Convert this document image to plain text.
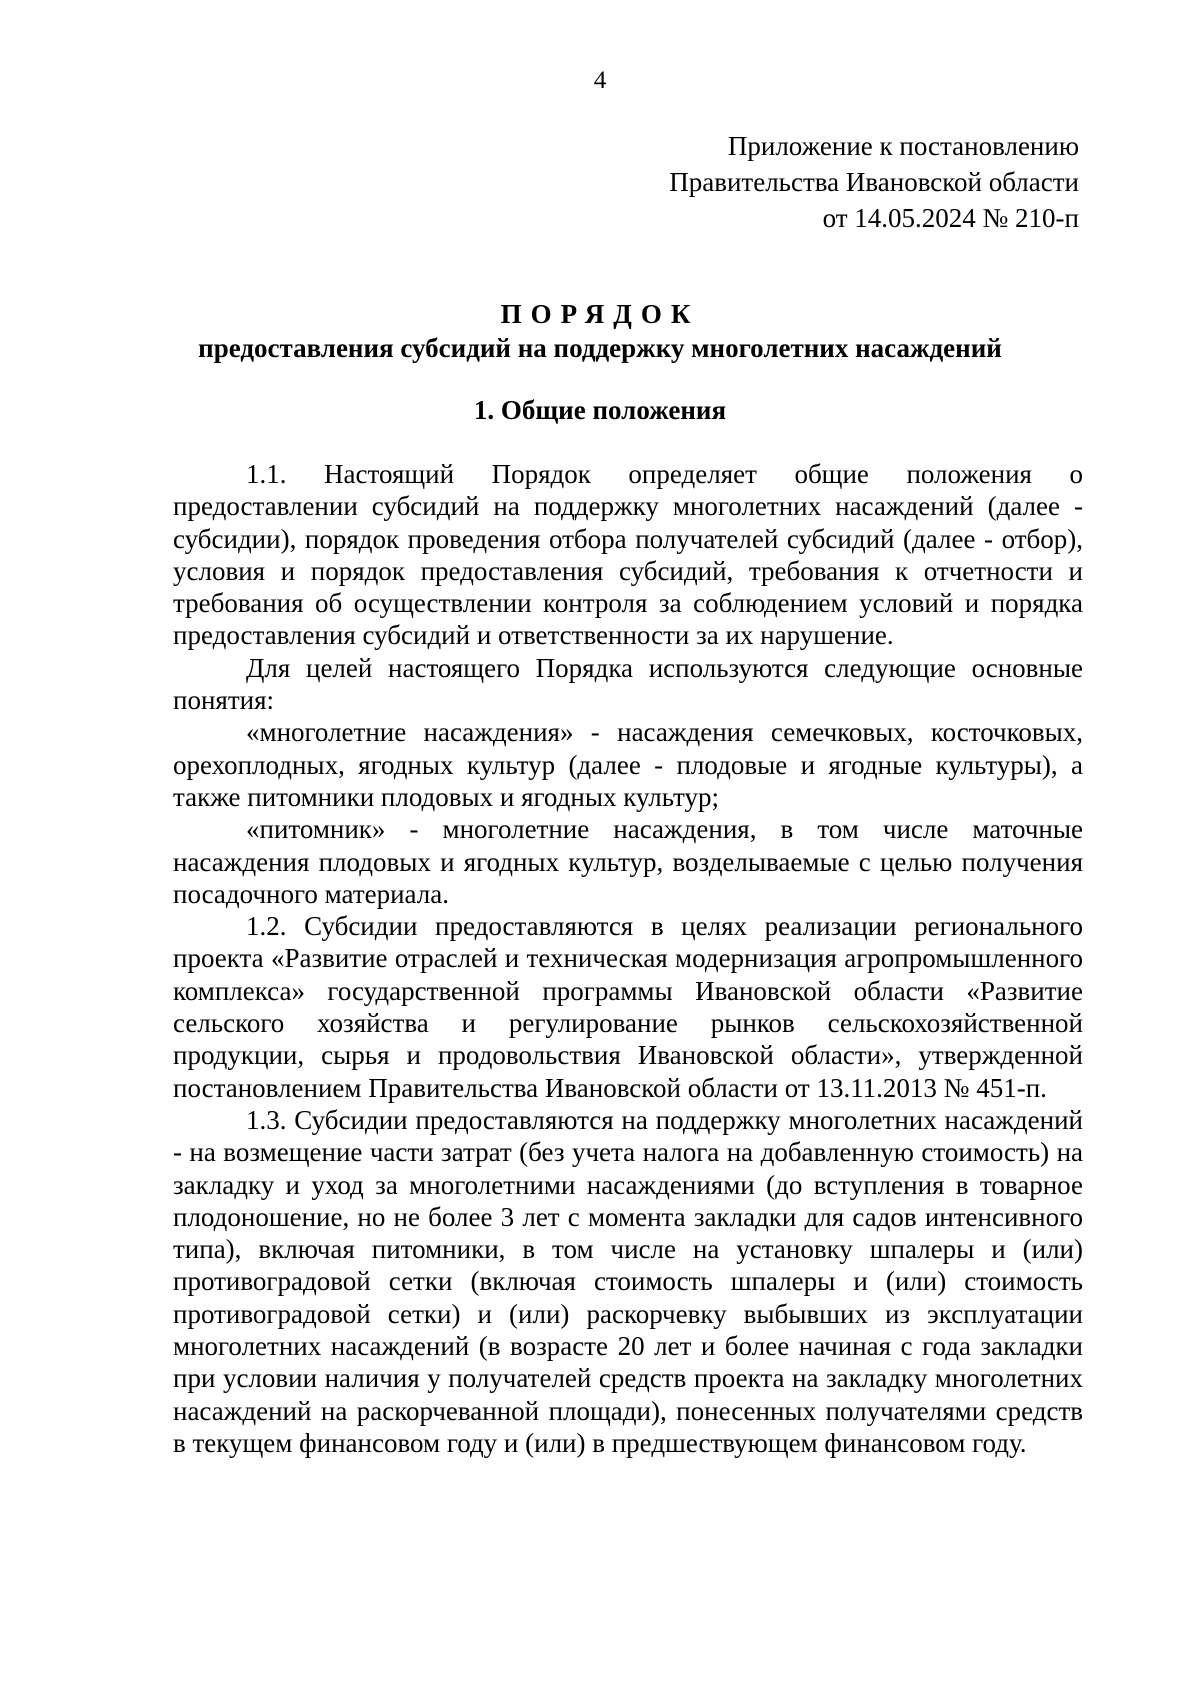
4
Приложение к постановлению
Правительства Ивановской области
от 14.05.2024 № 210-п
ПОРЯДОК
предоставления субсидий на поддержку многолетних насаждений
1. Общие положения

1.1. Настоящий Порядок определяет общие положения о предоставлении субсидий на поддержку многолетних насаждений (далее - субсидии), порядок проведения отбора получателей субсидий (далее - отбор), условия и порядок предоставления субсидий, требования к отчетности и требования об осуществлении контроля за соблюдением условий и порядка предоставления субсидий и ответственности за их нарушение.

Для целей настоящего Порядка используются следующие основные понятия:

«многолетние насаждения» - насаждения семечковых, косточковых, орехоплодных, ягодных культур (далее - плодовые и ягодные культуры), а также питомники плодовых и ягодных культур;

«питомник» - многолетние насаждения, в том числе маточные насаждения плодовых и ягодных культур, возделываемые с целью получения посадочного материала.

1.2. Субсидии предоставляются в целях реализации регионального проекта «Развитие отраслей и техническая модернизация агропромышленного комплекса» государственной программы Ивановской области «Развитие сельского хозяйства и регулирование рынков сельскохозяйственной продукции, сырья и продовольствия Ивановской области», утвержденной постановлением Правительства Ивановской области от 13.11.2013 № 451-п.

1.3. Субсидии предоставляются на поддержку многолетних насаждений - на возмещение части затрат (без учета налога на добавленную стоимость) на закладку и уход за многолетними насаждениями (до вступления в товарное плодоношение, но не более 3 лет с момента закладки для садов интенсивного типа), включая питомники, в том числе на установку шпалеры и (или) противоградовой сетки (включая стоимость шпалеры и (или) стоимость противоградовой сетки) и (или) раскорчевку выбывших из эксплуатации многолетних насаждений (в возрасте 20 лет и более начиная с года закладки при условии наличия у получателей средств проекта на закладку многолетних насаждений на раскорчеванной площади), понесенных получателями средств в текущем финансовом году и (или) в предшествующем финансовом году.
